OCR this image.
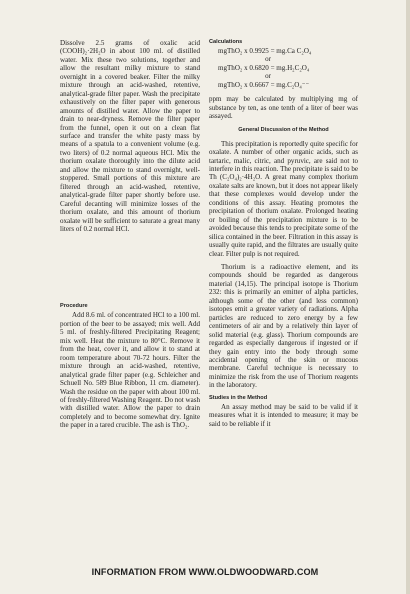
Dissolve 2.5 grams of oxalic acid (COOH)₂·2H₂O in about 100 ml. of distilled water. Mix these two solutions, together and allow the resultant milky mixture to stand overnight in a covered beaker. Filter the milky mixture through an acid-washed, retentive, analytical-grade filter paper. Wash the precipitate exhaustively on the filter paper with generous amounts of distilled water. Allow the paper to drain to near-dryness. Remove the filter paper from the funnel, open it out on a clean flat surface and transfer the white pasty mass by means of a spatula to a convenient volume (e.g. two liters) of 0.2 normal aqueous HCl. Mix the thorium oxalate thoroughly into the dilute acid and allow the mixture to stand overnight, well-stoppered. Small portions of this mixture are filtered through an acid-washed, retentive, analytical-grade filter paper shortly before use. Careful decanting will minimize losses of the thorium oxalate, and this amount of thorium oxalate will be sufficient to saturate a great many liters of 0.2 normal HCl.

Procedure

Add 8.6 ml. of concentrated HCl to a 100 ml. portion of the beer to be assayed; mix well. Add 5 ml. of freshly-filtered Precipitating Reagent; mix well. Heat the mixture to 80°C. Remove it from the heat, cover it, and allow it to stand at room temperature about 70-72 hours. Filter the mixture through an acid-washed, retentive, analytical grade filter paper (e.g. Schleicher and Schuell No. 589 Blue Ribbon, 11 cm. diameter). Wash the residue on the paper with about 100 ml. of freshly-filtered Washing Reagent. Do not wash with distilled water. Allow the paper to drain completely and to become somewhat dry. Ignite the paper in a tared crucible. The ash is ThO₂.

Calculations
mgThO₂ x 0.9925 = mg.Ca C₂O₄
or
mgThO₂ x 0.6820 = mg.H₂C₂O₄
or
mgThO₂ x 0.6667 = mg.C₂O₄⁻⁻

ppm may be calculated by multiplying mg of substance by ten, as one tenth of a liter of beer was assayed.

General Discussion of the Method

This precipitation is reportedly quite specific for oxalate. A number of other organic acids, such as tartaric, malic, citric, and pyruvic, are said not to interfere in this reaction. The precipitate is said to be Th (C₂O₄)₂·4H₂O. A great many complex thorium oxalate salts are known, but it does not appear likely that these complexes would develop under the conditions of this assay. Heating promotes the precipitation of thorium oxalate. Prolonged heating or boiling of the precipitation mixture is to be avoided because this tends to precipitate some of the silica contained in the beer. Filtration in this assay is usually quite rapid, and the filtrates are usually quite clear. Filter pulp is not required.

Thorium is a radioactive element, and its compounds should be regarded as dangerous material (14,15). The principal isotope is Thorium 232: this is primarily an emitter of alpha particles, although some of the other (and less common) isotopes emit a greater variety of radiations. Alpha particles are reduced to zero energy by a few centimeters of air and by a relatively thin layer of solid material (e.g. glass). Thorium compounds are regarded as especially dangerous if ingested or if they gain entry into the body through some accidental opening of the skin or mucous membrane. Careful technique is necessary to minimize the risk from the use of Thorium reagents in the laboratory.

Studies in the Method

An assay method may be said to be valid if it measures what it is intended to measure; it may be said to be reliable if it

INFORMATION FROM WWW.OLDWOODWARD.COM
